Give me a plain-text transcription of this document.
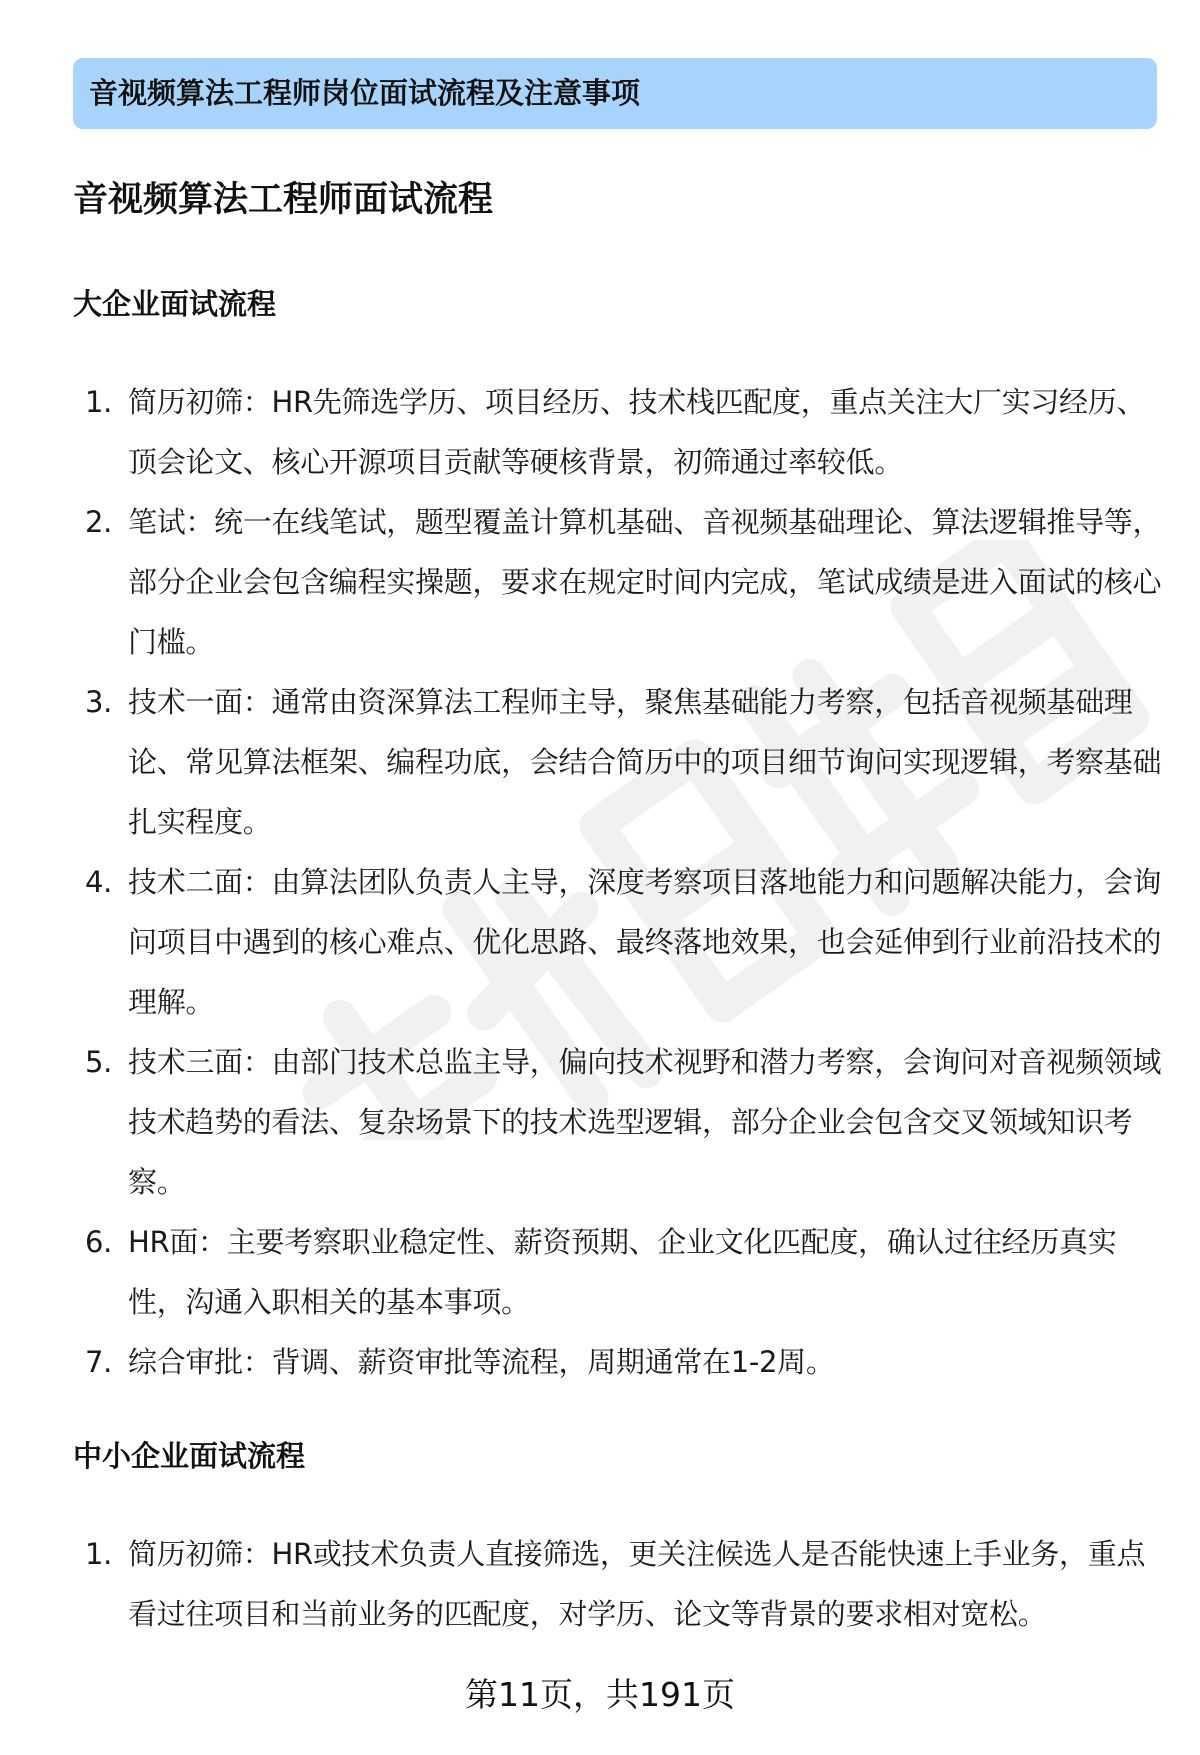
音视频算法工程师岗位面试流程及注意事项
音视频算法工程师面试流程
大企业面试流程
1. 简历初筛：HR先筛选学历、项目经历、技术栈匹配度，重点关注大厂实习经历、顶会论文、核心开源项目贡献等硬核背景，初筛通过率较低。
2. 笔试：统一在线笔试，题型覆盖计算机基础、音视频基础理论、算法逻辑推导等，部分企业会包含编程实操题，要求在规定时间内完成，笔试成绩是进入面试的核心门槛。
3. 技术一面：通常由资深算法工程师主导，聚焦基础能力考察，包括音视频基础理论、常见算法框架、编程功底，会结合简历中的项目细节询问实现逻辑，考察基础扎实程度。
4. 技术二面：由算法团队负责人主导，深度考察项目落地能力和问题解决能力，会询问项目中遇到的核心难点、优化思路、最终落地效果，也会延伸到行业前沿技术的理解。
5. 技术三面：由部门技术总监主导，偏向技术视野和潜力考察，会询问对音视频领域技术趋势的看法、复杂场景下的技术选型逻辑，部分企业会包含交叉领域知识考察。
6. HR面：主要考察职业稳定性、薪资预期、企业文化匹配度，确认过往经历真实性，沟通入职相关的基本事项。
7. 综合审批：背调、薪资审批等流程，周期通常在1-2周。
中小企业面试流程
1. 简历初筛：HR或技术负责人直接筛选，更关注候选人是否能快速上手业务，重点看过往项目和当前业务的匹配度，对学历、论文等背景的要求相对宽松。
第11页，共191页
